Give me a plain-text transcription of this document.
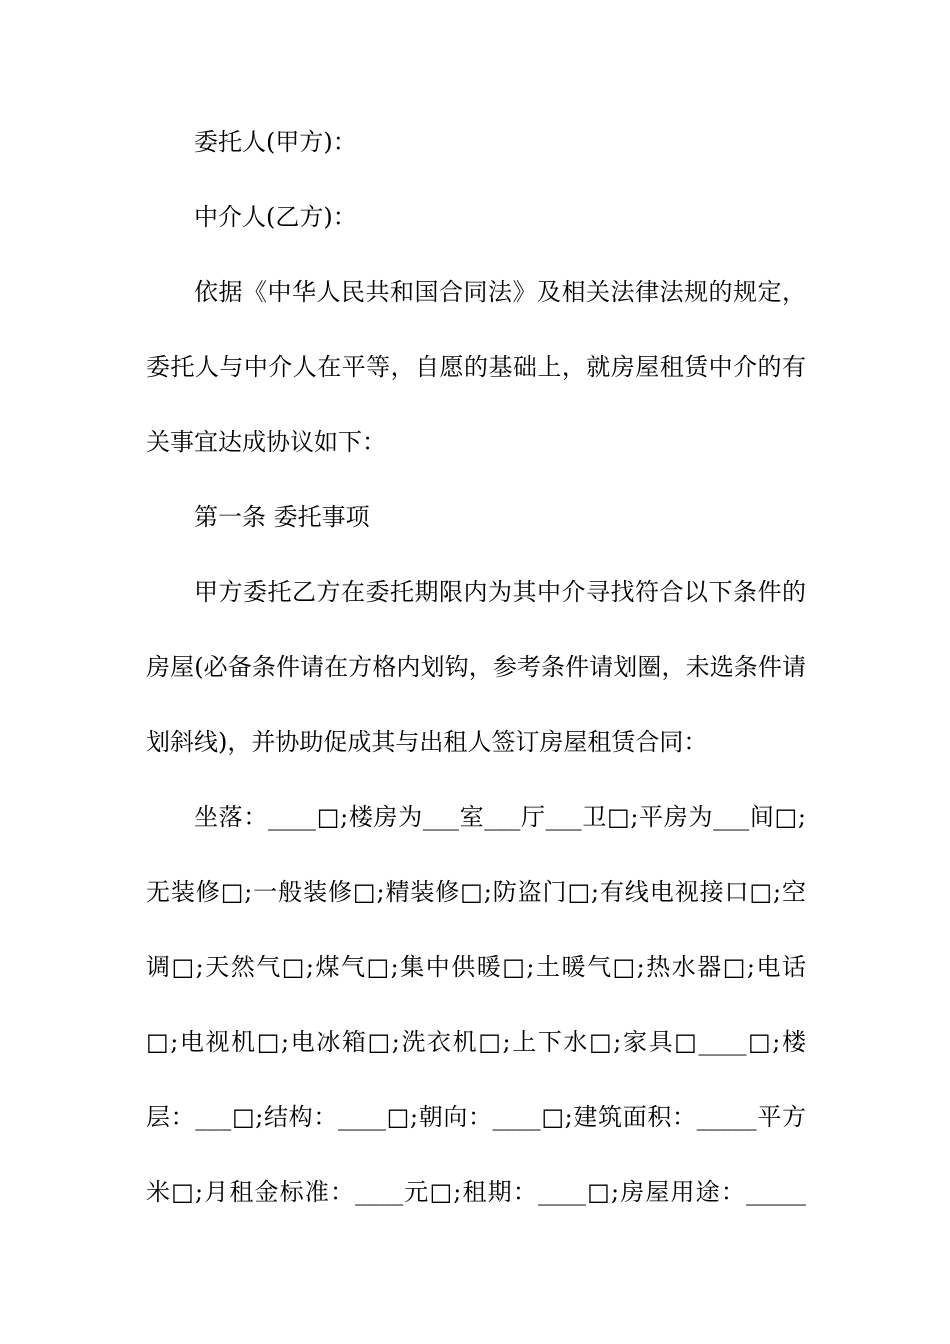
委托人(甲方)：
中介人(乙方)：
依据《中华人民共和国合同法》及相关法律法规的规定，
委托人与中介人在平等，自愿的基础上，就房屋租赁中介的有
关事宜达成协议如下：
第一条 委托事项
甲方委托乙方在委托期限内为其中介寻找符合以下条件的
房屋(必备条件请在方格内划钩，参考条件请划圈，未选条件请
划斜线)，并协助促成其与出租人签订房屋租赁合同：
坐落：____□;楼房为___室___厅___卫□;平房为___间□;
无装修□;一般装修□;精装修□;防盗门□;有线电视接口□;空
调□;天然气□;煤气□;集中供暖□;土暖气□;热水器□;电话
□;电视机□;电冰箱□;洗衣机□;上下水□;家具□____□;楼
层：___□;结构：____□;朝向：____□;建筑面积：_____平方
米□;月租金标准：____元□;租期：____□;房屋用途：_____
